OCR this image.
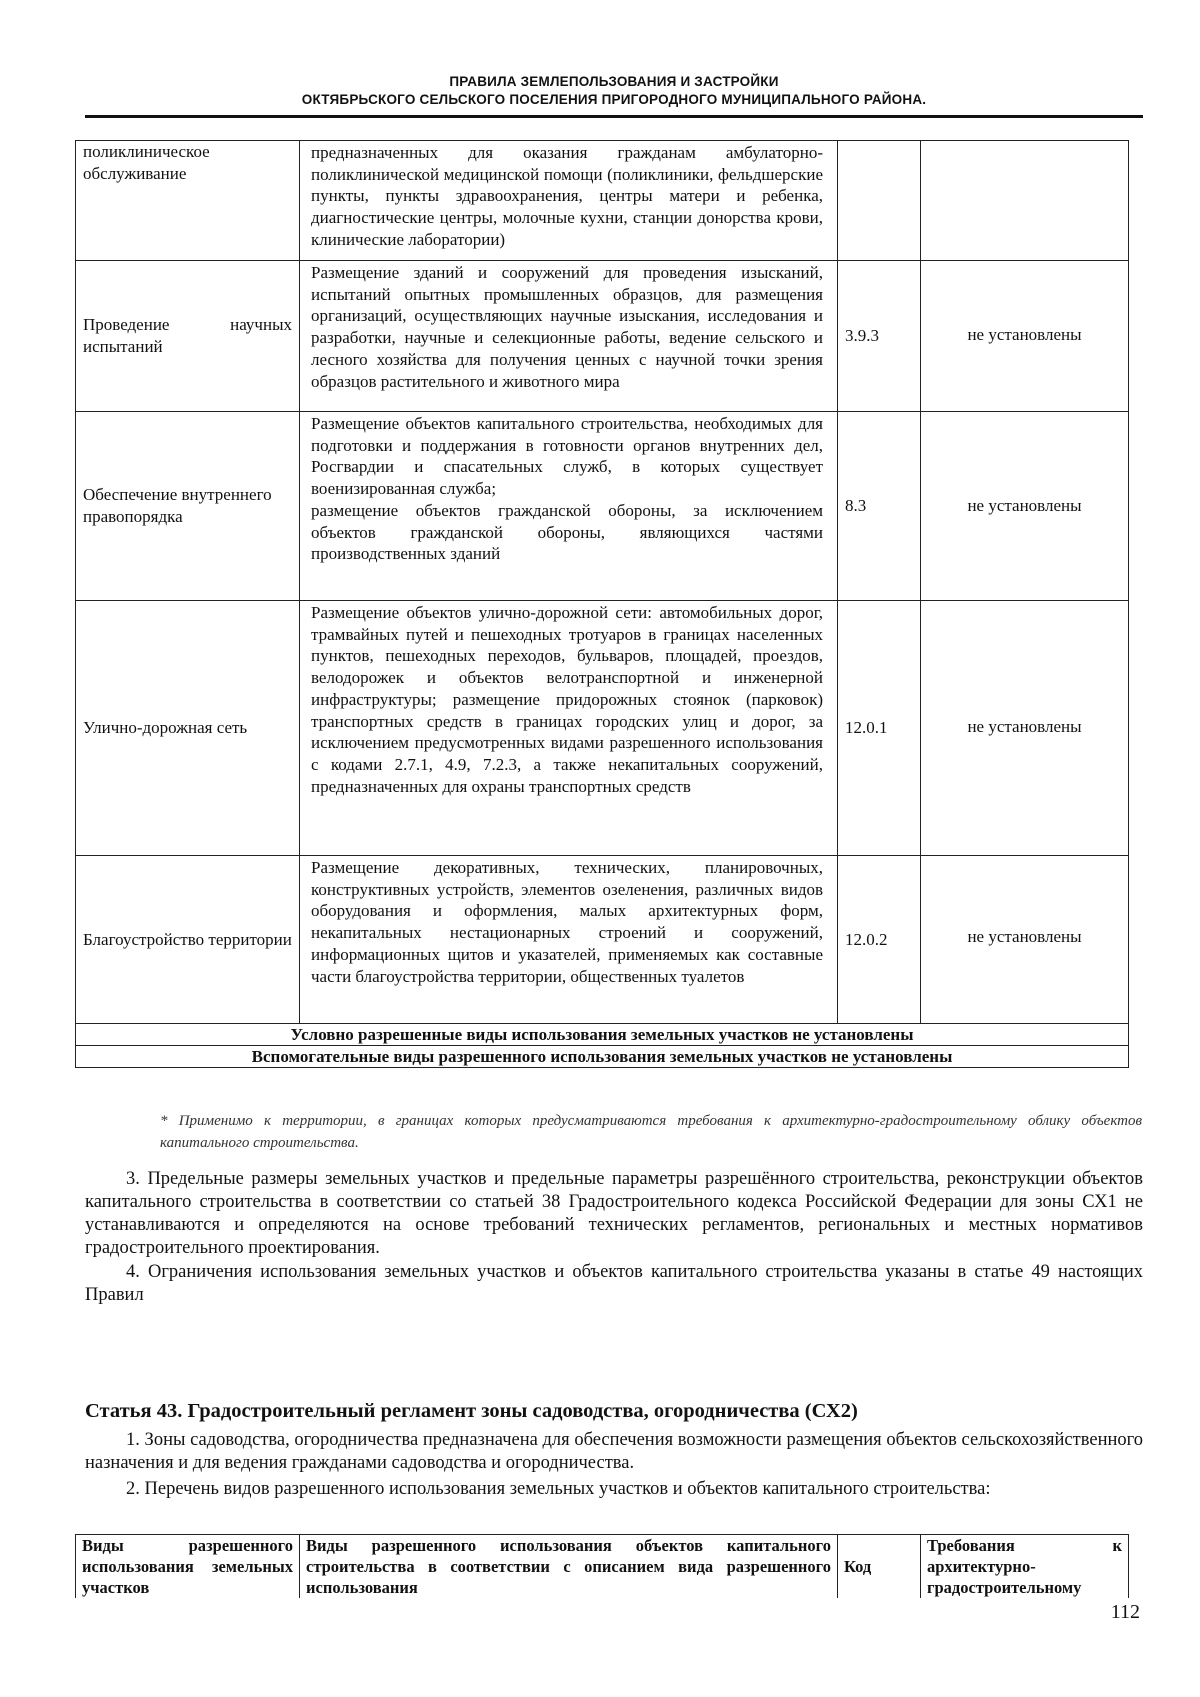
ПРАВИЛА ЗЕМЛЕПОЛЬЗОВАНИЯ И ЗАСТРОЙКИ
ОКТЯБРЬСКОГО СЕЛЬСКОГО ПОСЕЛЕНИЯ ПРИГОРОДНОГО МУНИЦИПАЛЬНОГО РАЙОНА.
поликлиническое обслуживание	предназначенных для оказания гражданам амбулаторно-поликлинической медицинской помощи (поликлиники, фельдшерские пункты, пункты здравоохранения, центры матери и ребенка, диагностические центры, молочные кухни, станции донорства крови, клинические лаборатории)		
Проведение научных испытаний	Размещение зданий и сооружений для проведения изысканий, испытаний опытных промышленных образцов, для размещения организаций, осуществляющих научные изыскания, исследования и разработки, научные и селекционные работы, ведение сельского и лесного хозяйства для получения ценных с научной точки зрения образцов растительного и животного мира	3.9.3	не установлены
Обеспечение внутреннего правопорядка	Размещение объектов капитального строительства, необходимых для подготовки и поддержания в готовности органов внутренних дел, Росгвардии и спасательных служб, в которых существует военизированная служба;
размещение объектов гражданской обороны, за исключением объектов гражданской обороны, являющихся частями производственных зданий	8.3	не установлены
Улично-дорожная сеть	Размещение объектов улично-дорожной сети: автомобильных дорог, трамвайных путей и пешеходных тротуаров в границах населенных пунктов, пешеходных переходов, бульваров, площадей, проездов, велодорожек и объектов велотранспортной и инженерной инфраструктуры; размещение придорожных стоянок (парковок) транспортных средств в границах городских улиц и дорог, за исключением предусмотренных видами разрешенного использования с кодами 2.7.1, 4.9, 7.2.3, а также некапитальных сооружений, предназначенных для охраны транспортных средств	12.0.1	не установлены
Благоустройство территории	Размещение декоративных, технических, планировочных, конструктивных устройств, элементов озеленения, различных видов оборудования и оформления, малых архитектурных форм, некапитальных нестационарных строений и сооружений, информационных щитов и указателей, применяемых как составные части благоустройства территории, общественных туалетов	12.0.2	не установлены
Условно разрешенные виды использования земельных участков не установлены			
Вспомогательные виды разрешенного использования земельных участков не установлены			
* Применимо к территории, в границах которых предусматриваются требования к архитектурно-градостроительному облику объектов капитального строительства.
3. Предельные размеры земельных участков и предельные параметры разрешённого строительства, реконструкции объектов капитального строительства в соответствии со статьей 38 Градостроительного кодекса Российской Федерации для зоны СХ1 не устанавливаются и определяются на основе требований технических регламентов, региональных и местных нормативов градостроительного проектирования.
4. Ограничения использования земельных участков и объектов капитального строительства указаны в статье 49 настоящих Правил
Статья 43. Градостроительный регламент зоны садоводства, огородничества (СХ2)
1. Зоны садоводства, огородничества предназначена для обеспечения возможности размещения объектов сельскохозяйственного назначения и для ведения гражданами садоводства и огородничества.
2. Перечень видов разрешенного использования земельных участков и объектов капитального строительства:
Виды разрешенного использования земельных участков	Виды разрешенного использования объектов капитального строительства в соответствии с описанием вида разрешенного использования	Код	Требования к архитектурно-градостроительному
112
